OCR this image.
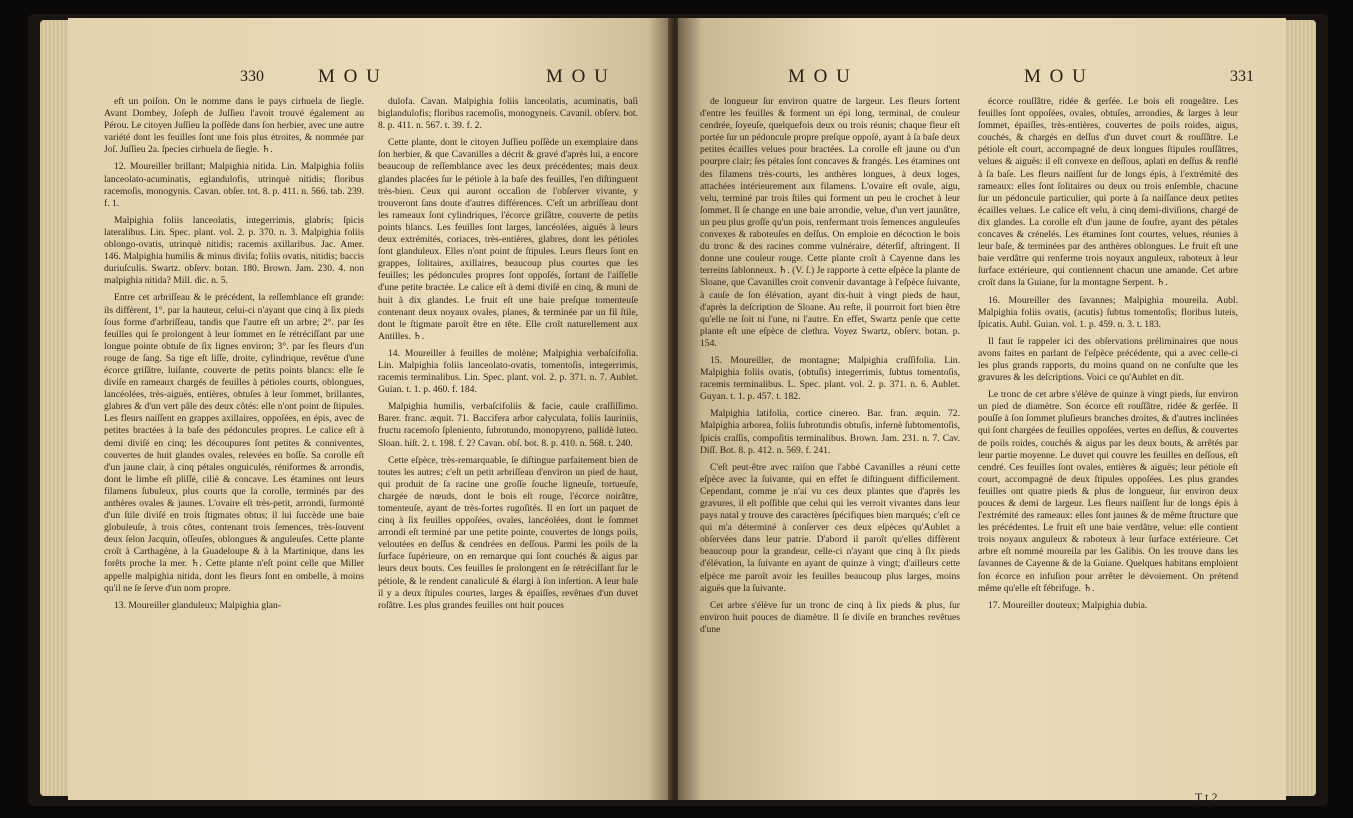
330	M O U	M O U

eft un poiſon. On le nomme dans le pays cirhuela de ſiegle. Avant Dombey, Joſeph de Juſſieu l'avoit trouvé également au Pérou. Le citoyen Juſſieu la poſſède dans ſon herbier, avec une autre variété dont les feuilles ſont une fois plus étroites, & nommée par Joſ. Juſſieu 2a. ſpecies cirhuela de ſiegle. ♄.

12. Moureiller brillant; Malpighia nitida. Lin. Malpighia foliis lanceolato-acuminatis, eglandulofis, utrinquè nitidis; floribus racemoſis, monogynis. Cavan. obſer. tot. 8. p. 411. n. 566. tab. 239. f. 1.

Malpighia foliis lanceolatis, integerrimis, glabris; ſpicis lateralibus. Lin. Spec. plant. vol. 2. p. 370. n. 3. Malpighia foliis oblongo-ovatis, utrinquè nitidis; racemis axillaribus. Jac. Amer. 146. Malpighia humilis & minus diviſa; foliis ovatis, nitidis; baccis duriuſculis. Swartz. obſerv. botan. 180. Brown. Jam. 230. 4. non malpighia nitida? Mill. dic. n. 5.

Entre cet arbriſſeau & le précédent, la reſſemblance eſt grande: ils diffèrent, 1°. par la hauteur, celui-ci n'ayant que cinq à ſix pieds ſous forme d'arbriſſeau, tandis que l'autre eſt un arbre; 2°. par ſes feuilles qui ſe prolongent à leur ſommet en ſe rétréciſſant par une longue pointe obtuſe de ſix lignes environ; 3°. par ſes fleurs d'un rouge de ſang. Sa tige eſt liſſe, droite, cylindrique, revêtue d'une écorce griſâtre, luiſante, couverte de petits points blancs: elle ſe diviſe en rameaux chargés de feuilles à pétioles courts, oblongues, lancéolées, très-aiguës, entières, obtuſes à leur ſommet, brillantes, glabres & d'un vert pâle des deux côtés: elle n'ont point de ſtipules. Les fleurs naiſſent en grappes axillaires, oppoſées, en épis, avec de petites bractées à la baſe des pédoncules propres. Le calice eſt à demi diviſé en cinq; les découpures ſont petites & conniventes, couvertes de huit glandes ovales, relevées en boſſe. Sa corolle eſt d'un jaune clair, à cinq pétales onguiculés, réniformes & arrondis, dont le limbe eſt pliſſé, cilié & concave. Les étamines ont leurs filamens ſubuleux, plus courts que la corolle, terminés par des anthères ovales & jaunes. L'ovaire eſt très-petit, arrondi, ſurmonté d'un ſtile diviſé en trois ſtigmates obtus; il lui ſuccède une baie globuleuſe, à trois côtes, contenant trois ſemences, très-ſouvent deux ſelon Jacquin, oſſeuſes, oblongues & anguleuſes. Cette plante croît à Carthagène, à la Guadeloupe & à la Martinique, dans les forêts proche la mer. ♄. Cette plante n'eſt point celle que Miller appelle malpighia nitida, dont les fleurs ſont en ombelle, à moins qu'il ne ſe ſerve d'un nom propre.

13. Moureiller glanduleux; Malpighia glan-

dulofa. Cavan. Malpighia foliis lanceolatis, acuminatis, baſi biglandulofis; floribus racemoſis, monogyneis. Cavanil. obſerv. bot. 8. p. 411. n. 567. t. 39. f. 2.

Cette plante, dont le citoyen Juſſieu poſſède un exemplaire dans ſon herbier, & que Cavanilles a décrit & gravé d'après lui, a encore beaucoup de reſſemblance avec les deux précédentes; mais deux glandes placées ſur le pétiole à la baſe des feuilles, l'en diſtinguent très-bien. Ceux qui auront occaſion de l'obſerver vivante, y trouveront ſans doute d'autres différences. C'eſt un arbriſſeau dont les rameaux ſont cylindriques, l'écorce griſâtre, couverte de petits points blancs. Les feuilles ſont larges, lancéolées, aiguës à leurs deux extrémités, coriaces, très-entières, glabres, dont les pétioles ſont glanduleux. Elles n'ont point de ſtipules. Leurs fleurs ſont en grappes, ſolitaires, axillaires, beaucoup plus courtes que les feuilles; les pédoncules propres ſont oppoſés, ſortant de l'aiſſelle d'une petite bractée. Le calice eſt à demi diviſé en cinq, & muni de huit à dix glandes. Le fruit eſt une baie preſque tomenteuſe contenant deux noyaux ovales, planes, & terminée par un fil ſtile, dont le ſtigmate paroît être en tête. Elle croît naturellement aux Antilles. ♄.

14. Moureiller à feuilles de molène; Malpighia verbaſcifolia. Lin. Malpighia foliis lanceolato-ovatis, tomentoſis, integerrimis, racemis terminalibus. Lin. Spec. plant. vol. 2. p. 371. n. 7. Aublet. Guian. t. 1. p. 460. f. 184.

Malpighia humilis, verbaſcifoliis & facie, caule craſſiſſimo. Barer. franc. æquit. 71. Baccifera arbor calyculata, foliis lauriniis, fructu racemoſo ſpleniento, ſubrotundo, monopyreno, pallidè luteo. Sloan. hiſt. 2. t. 198. f. 2? Cavan. obſ. bot. 8. p. 410. n. 568. t. 240.

Cette eſpèce, très-remarquable, ſe diſtingue parfaitement bien de toutes les autres; c'eſt un petit arbriſſeau d'environ un pied de haut, qui produit de ſa racine une groſſe ſouche ligneuſe, tortueuſe, chargée de nœuds, dont le bois eſt rouge, l'écorce noirâtre, tomenteuſe, ayant de très-fortes rugoſités. Il en ſort un paquet de cinq à ſix feuilles oppoſées, ovales, lancéolées, dont le ſommet arrondi eſt terminé par une petite pointe, couvertes de longs poils, veloutées en deſſus & cendrées en deſſous. Parmi les poils de la ſurface ſupérieure, on en remarque qui ſont couchés & aigus par leurs deux bouts. Ces feuilles ſe prolongent en ſe rétréciſſant ſur le pétiole, & le rendent canaliculé & élargi à ſon inſertion. A leur baſe il y a deux ſtipules courtes, larges & épaiſſes, revêtues d'un duvet roſâtre. Les plus grandes feuilles ont huit pouces

M O U	M O U	331

de longueur ſur environ quatre de largeur. Les fleurs ſortent d'entre les feuilles & forment un épi long, terminal, de couleur cendrée, ſoyeuſe, quelquefois deux ou trois réunis; chaque fleur eſt portée ſur un pédoncule propre preſque oppoſé, ayant à ſa baſe deux petites écailles velues pour bractées. La corolle eſt jaune ou d'un pourpre clair; ſes pétales ſont concaves & frangés. Les étamines ont des filamens très-courts, les anthères longues, à deux loges, attachées intérieurement aux filamens. L'ovaire eſt ovale, aigu, velu, terminé par trois ſtiles qui forment un peu le crochet à leur ſommet. Il ſe change en une baie arrondie, velue, d'un vert jaunâtre, un peu plus groſſe qu'un pois, renfermant trois ſemences anguleuſes convexes & raboteuſes en deſſus. On emploie en décoction le bois du tronc & des racines comme vulnéraire, déterſif, aſtringent. Il donne une couleur rouge. Cette plante croît à Cayenne dans les terreins ſablonneux. ♄. (V. ſ.) Je rapporte à cette eſpèce la plante de Sloane, que Cavanilles croit convenir davantage à l'eſpèce ſuivante, à cauſe de ſon élévation, ayant dix-huit à vingt pieds de haut, d'après la deſcription de Sloane. Au reſte, il pourroit fort bien être qu'elle ne ſoit ni l'une, ni l'autre. En effet, Swartz penſe que cette plante eſt une eſpèce de clethra. Voyez Swartz, obſerv. botan. p. 154.

15. Moureiller, de montagne; Malpighia craſſifolia. Lin. Malpighia foliis ovatis, (obtuſis) integerrimis, ſubtus tomentoſis, racemis terminalibus. L. Spec. plant. vol. 2. p. 371. n. 6. Aublet. Guyan. t. 1. p. 457. t. 182.

Malpighia latifolia, cortice cinereo. Bar. fran. æquin. 72. Malpighia arborea, foliis ſubrotundis obtuſis, infernè ſubtomentoſis, ſpicis craſſis, compoſitis terminalibus. Brown. Jam. 231. n. 7. Cav. Diſſ. Bot. 8. p. 412. n. 569. f. 241.

C'eſt peut-être avec raiſon que l'abbé Cavanilles a réuni cette eſpèce avec la ſuivante, qui en effet ſe diſtinguent difficilement. Cependant, comme je n'ai vu ces deux plantes que d'après les gravures, il eſt poſſible que celui qui les verroit vivantes dans leur pays natal y trouve des caractères ſpécifiques bien marqués; c'eſt ce qui m'a déterminé à conſerver ces deux eſpèces qu'Aublet a obſervées dans leur patrie. D'abord il paroît qu'elles diffèrent beaucoup pour la grandeur, celle-ci n'ayant que cinq à ſix pieds d'élévation, la ſuivante en ayant de quinze à vingt; d'ailleurs cette eſpèce me paroît avoir les feuilles beaucoup plus larges, moins aiguës que la ſuivante.

Cet arbre s'élève ſur un tronc de cinq à ſix pieds & plus, ſur environ huit pouces de diamètre. Il ſe diviſe en branches revêtues d'une

écorce rouſſâtre, ridée & gerſée. Le bois eſt rougeâtre. Les feuilles ſont oppoſées, ovales, obtuſes, arrondies, & larges à leur ſommet, épaiſſes, très-entières, couvertes de poils roides, aigus, couchés, & chargés en deſſus d'un duvet court & rouſſâtre. Le pétiole eſt court, accompagné de deux longues ſtipules rouſſâtres, velues & aiguës: il eſt convexe en deſſous, aplati en deſſus & renflé à ſa baſe. Les fleurs naiſſent ſur de longs épis, à l'extrémité des rameaux: elles ſont ſolitaires ou deux ou trois enſemble, chacune ſur un pédoncule particulier, qui porte à ſa naiſſance deux petites écailles velues. Le calice eſt velu, à cinq demi-diviſions, chargé de dix glandes. La corolle eſt d'un jaune de ſoufre, ayant des pétales concaves & crénelés. Les étamines ſont courtes, velues, réunies à leur baſe, & terminées par des anthères oblongues. Le fruit eſt une baie verdâtre qui renferme trois noyaux anguleux, raboteux à leur ſurface extérieure, qui contiennent chacun une amande. Cet arbre croît dans la Guiane, ſur la montagne Serpent. ♄.

16. Moureiller des ſavannes; Malpighia moureila. Aubl. Malpighia foliis ovatis, (acutis) ſubtus tomentoſis; floribus luteis, ſpicatis. Aubl. Guian. vol. 1. p. 459. n. 3. t. 183.

Il faut ſe rappeler ici des obſervations préliminaires que nous avons faites en parlant de l'eſpèce précédente, qui a avec celle-ci les plus grands rapports, du moins quand on ne conſulte que les gravures & les deſcriptions. Voici ce qu'Aublet en dit.

Le tronc de cet arbre s'élève de quinze à vingt pieds, ſur environ un pied de diamètre. Son écorce eſt rouſſâtre, ridée & gerſée. Il pouſſe à ſon ſommet pluſieurs branches droites, & d'autres inclinées qui ſont chargées de feuilles oppoſées, vertes en deſſus, & couvertes de poils roides, couchés & aigus par les deux bouts, & arrêtés par leur partie moyenne. Le duvet qui couvre les feuilles en deſſous, eſt cendré. Ces feuilles ſont ovales, entières & aiguës; leur pétiole eſt court, accompagné de deux ſtipules oppoſées. Les plus grandes feuilles ont quatre pieds & plus de longueur, ſur environ deux pouces & demi de largeur. Les fleurs naiſſent ſur de longs épis à l'extrémité des rameaux: elles ſont jaunes & de même ſtructure que les précédentes. Le fruit eſt une baie verdâtre, velue: elle contient trois noyaux anguleux & raboteux à leur ſurface extérieure. Cet arbre eſt nommé moureila par les Galibis. On les trouve dans les ſavannes de Cayenne & de la Guiane. Quelques habitans emploient ſon écorce en infuſion pour arrêter le dévoiement. On prétend même qu'elle eſt fébrifuge. ♄.

17. Moureiller douteux; Malpighia dubia.

T t 2
